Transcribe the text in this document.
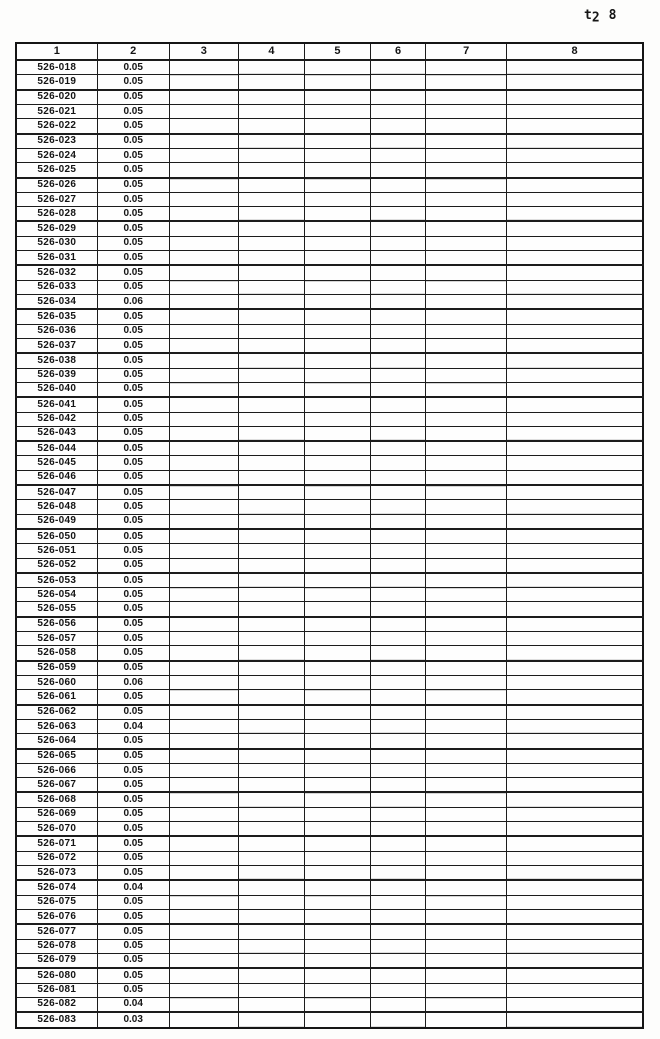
t2 8
1	2	3	4	5	6	7	8
526-018	0.05						
526-019	0.05						
526-020	0.05						
526-021	0.05						
526-022	0.05						
526-023	0.05						
526-024	0.05						
526-025	0.05						
526-026	0.05						
526-027	0.05						
526-028	0.05						
526-029	0.05						
526-030	0.05						
526-031	0.05						
526-032	0.05						
526-033	0.05						
526-034	0.06						
526-035	0.05						
526-036	0.05						
526-037	0.05						
526-038	0.05						
526-039	0.05						
526-040	0.05						
526-041	0.05						
526-042	0.05						
526-043	0.05						
526-044	0.05						
526-045	0.05						
526-046	0.05						
526-047	0.05						
526-048	0.05						
526-049	0.05						
526-050	0.05						
526-051	0.05						
526-052	0.05						
526-053	0.05						
526-054	0.05						
526-055	0.05						
526-056	0.05						
526-057	0.05						
526-058	0.05						
526-059	0.05						
526-060	0.06						
526-061	0.05						
526-062	0.05						
526-063	0.04						
526-064	0.05						
526-065	0.05						
526-066	0.05						
526-067	0.05						
526-068	0.05						
526-069	0.05						
526-070	0.05						
526-071	0.05						
526-072	0.05						
526-073	0.05						
526-074	0.04						
526-075	0.05						
526-076	0.05						
526-077	0.05						
526-078	0.05						
526-079	0.05						
526-080	0.05						
526-081	0.05						
526-082	0.04						
526-083	0.03						
